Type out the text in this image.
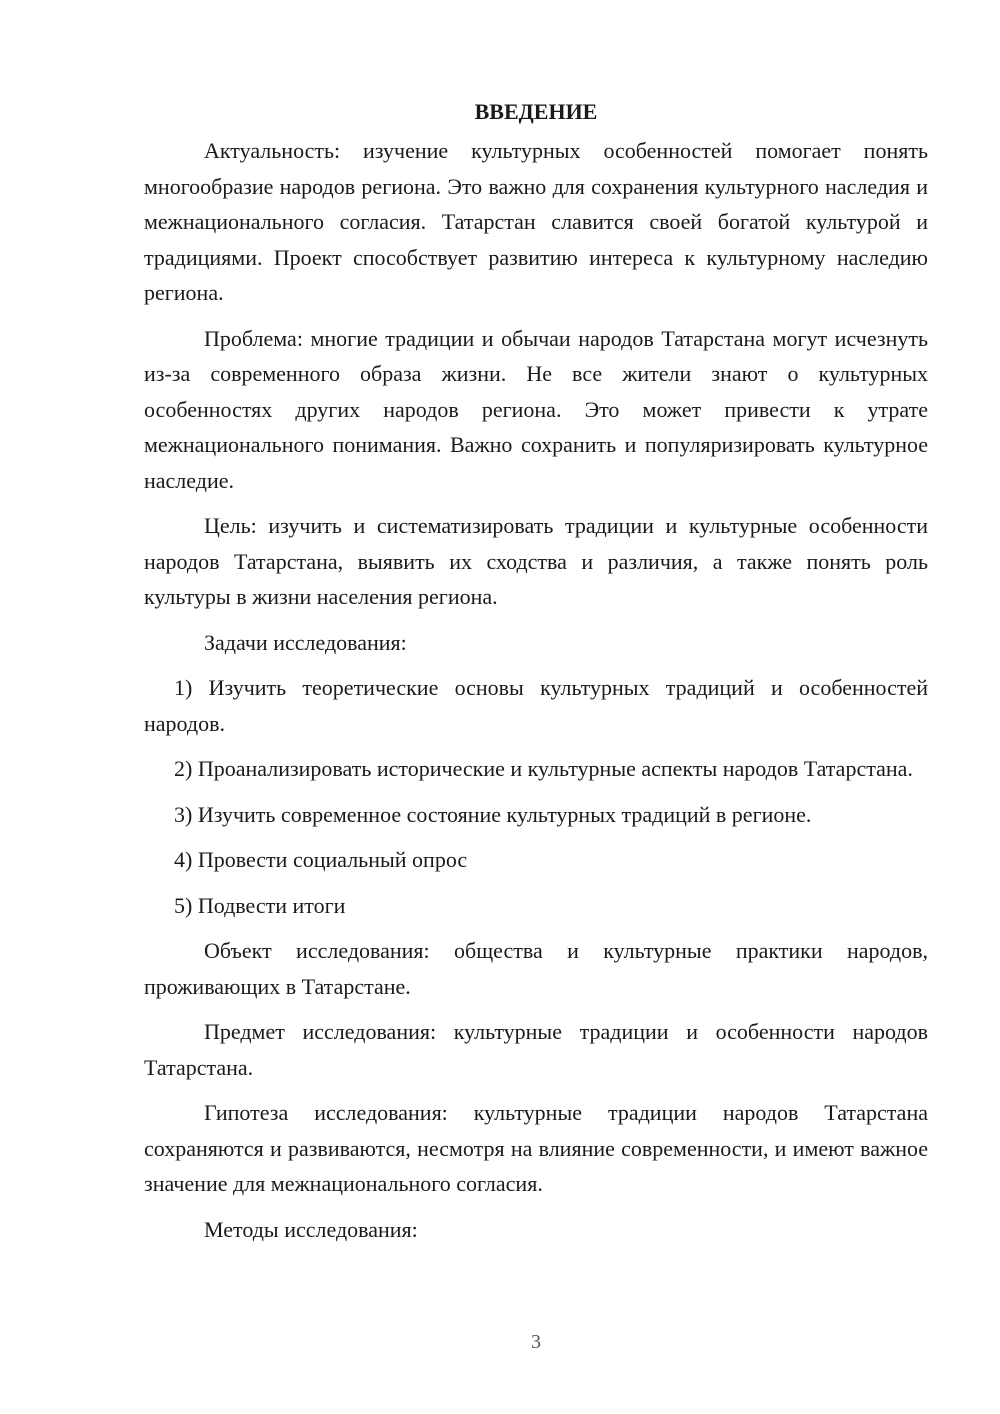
ВВЕДЕНИЕ

Актуальность: изучение культурных особенностей помогает понять многообразие народов региона. Это важно для сохранения культурного наследия и межнационального согласия. Татарстан славится своей богатой культурой и традициями. Проект способствует развитию интереса к культурному наследию региона.

Проблема: многие традиции и обычаи народов Татарстана могут исчезнуть из-за современного образа жизни. Не все жители знают о культурных особенностях других народов региона. Это может привести к утрате межнационального понимания. Важно сохранить и популяризировать культурное наследие.

Цель: изучить и систематизировать традиции и культурные особенности народов Татарстана, выявить их сходства и различия, а также понять роль культуры в жизни населения региона.

Задачи исследования:

1) Изучить теоретические основы культурных традиций и особенностей народов.

2) Проанализировать исторические и культурные аспекты народов Татарстана.

3) Изучить современное состояние культурных традиций в регионе.

4) Провести социальный опрос

5) Подвести итоги

Объект исследования: общества и культурные практики народов, проживающих в Татарстане.

Предмет исследования: культурные традиции и особенности народов Татарстана.

Гипотеза исследования: культурные традиции народов Татарстана сохраняются и развиваются, несмотря на влияние современности, и имеют важное значение для межнационального согласия.

Методы исследования:

3
